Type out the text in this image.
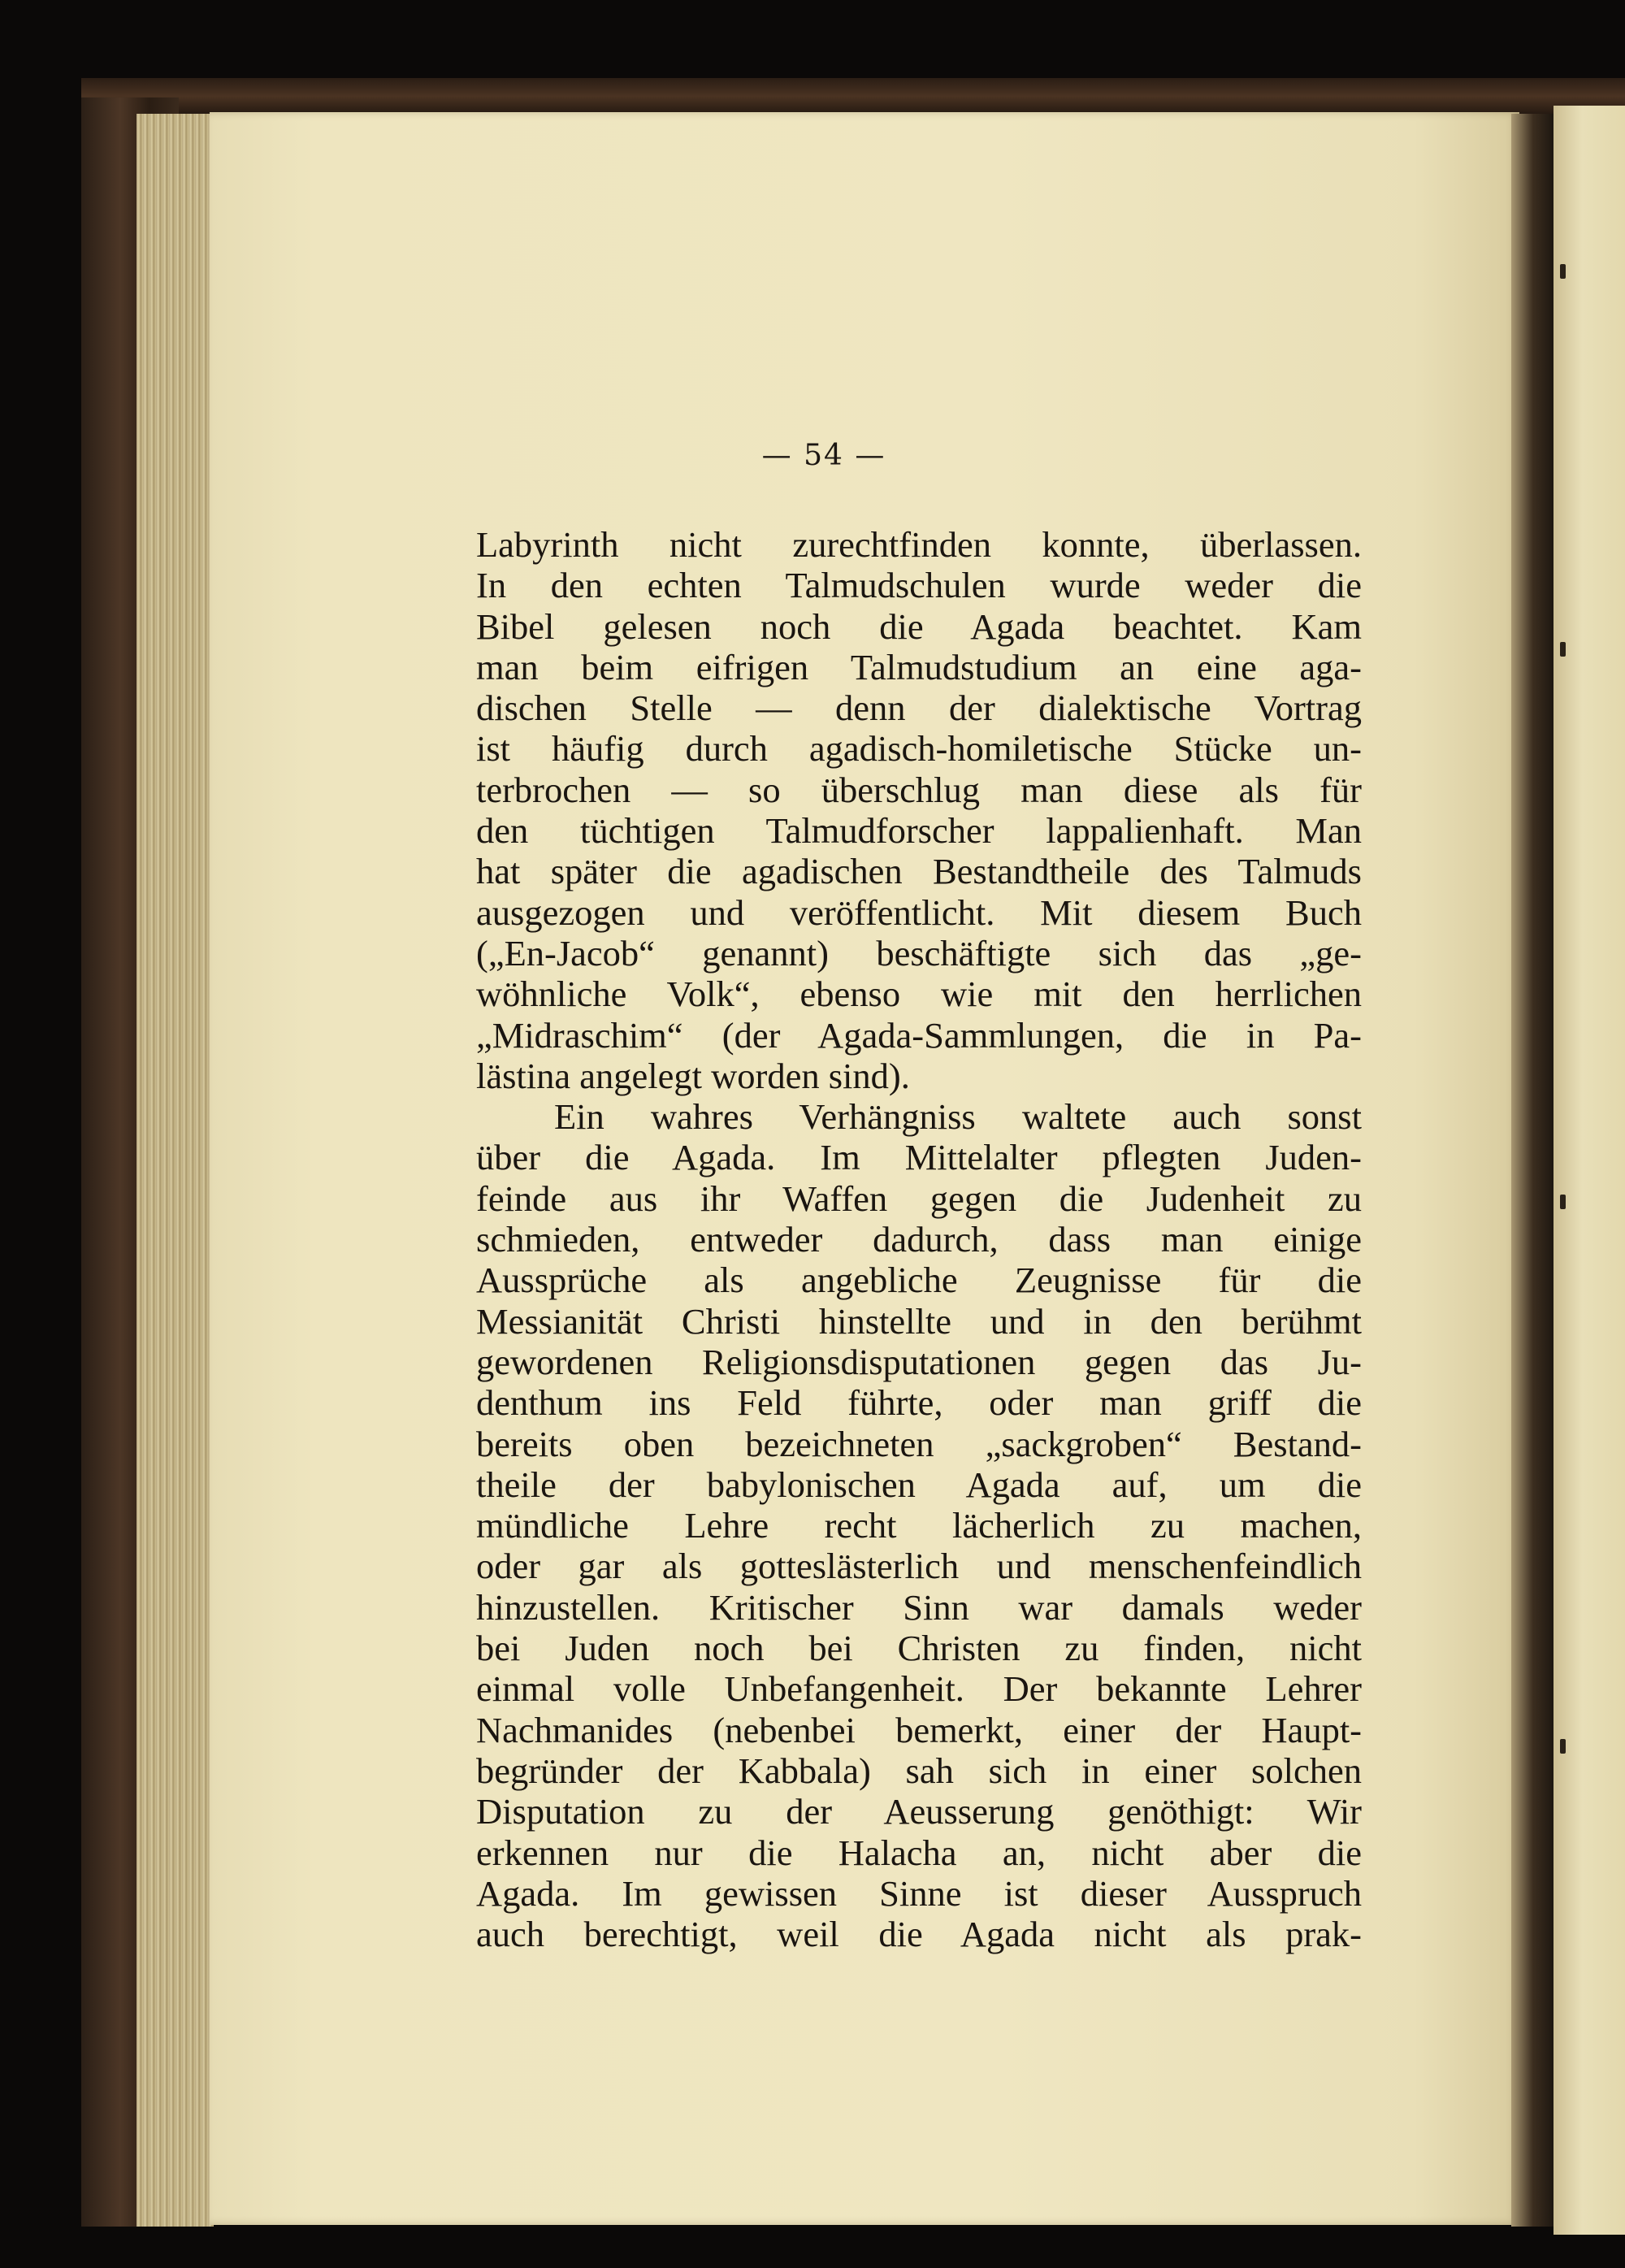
— 54 —
Labyrinth nicht zurechtfinden konnte, überlassen.
In den echten Talmudschulen wurde weder die
Bibel gelesen noch die Agada beachtet. Kam
man beim eifrigen Talmudstudium an eine aga-
dischen Stelle — denn der dialektische Vortrag
ist häufig durch agadisch-homiletische Stücke un-
terbrochen — so überschlug man diese als für
den tüchtigen Talmudforscher lappalienhaft. Man
hat später die agadischen Bestandtheile des Talmuds
ausgezogen und veröffentlicht. Mit diesem Buch
(„En-Jacob“ genannt) beschäftigte sich das „ge-
wöhnliche Volk“, ebenso wie mit den herrlichen
„Midraschim“ (der Agada-Sammlungen, die in Pa-
lästina angelegt worden sind).
Ein wahres Verhängniss waltete auch sonst
über die Agada. Im Mittelalter pflegten Juden-
feinde aus ihr Waffen gegen die Judenheit zu
schmieden, entweder dadurch, dass man einige
Aussprüche als angebliche Zeugnisse für die
Messianität Christi hinstellte und in den berühmt
gewordenen Religionsdisputationen gegen das Ju-
denthum ins Feld führte, oder man griff die
bereits oben bezeichneten „sackgroben“ Bestand-
theile der babylonischen Agada auf, um die
mündliche Lehre recht lächerlich zu machen,
oder gar als gotteslästerlich und menschenfeindlich
hinzustellen. Kritischer Sinn war damals weder
bei Juden noch bei Christen zu finden, nicht
einmal volle Unbefangenheit. Der bekannte Lehrer
Nachmanides (nebenbei bemerkt, einer der Haupt-
begründer der Kabbala) sah sich in einer solchen
Disputation zu der Aeusserung genöthigt: Wir
erkennen nur die Halacha an, nicht aber die
Agada. Im gewissen Sinne ist dieser Ausspruch
auch berechtigt, weil die Agada nicht als prak-
